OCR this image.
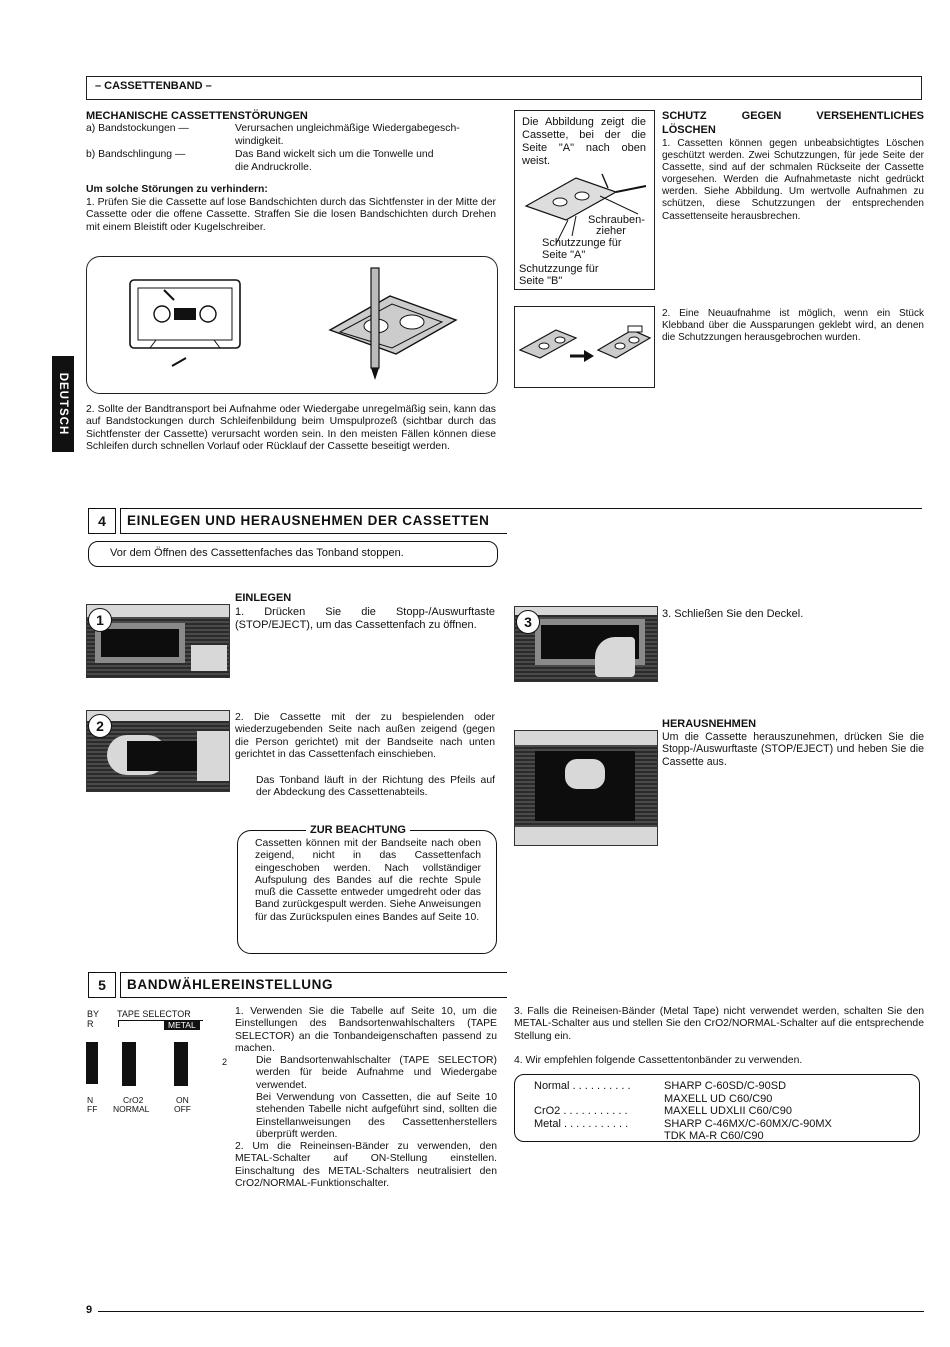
– CASSETTENBAND –
DEUTSCH
MECHANISCHE CASSETTENSTÖRUNGEN
a) Bandstockungen —	Verursachen ungleichmäßige Wiedergabegesch-
windigkeit.
b) Bandschlingung —	Das Band wickelt sich um die Tonwelle und
die Andruckrolle.
Um solche Störungen zu verhindern:
1. Prüfen Sie die Cassette auf lose Bandschichten durch das Sichtfenster in der Mitte der Cassette oder die offene Cassette. Straffen Sie die losen Bandschichten durch Drehen mit einem Bleistift oder Kugelschreiber.
2. Sollte der Bandtransport bei Aufnahme oder Wiedergabe unregelmäßig sein, kann das auf Bandstockungen durch Schleifenbildung beim Umspulprozeß (sichtbar durch das Sichtfenster der Cassette) verursacht worden sein. In den meisten Fällen können diese Schleifen durch schnellen Vorlauf oder Rücklauf der Cassette beseitigt werden.
Die Abbildung zeigt die Cassette, bei der die Seite "A" nach oben weist.
Schrauben-
zieher
Schutzzunge für
Seite "A"
Schutzzunge für
Seite "B"
SCHUTZ GEGEN VERSEHENTLICHES
LÖSCHEN
1. Cassetten können gegen unbeabsichtigtes Löschen geschützt werden. Zwei Schutzzungen, für jede Seite der Cassette, sind auf der schmalen Rückseite der Cassette vorgesehen. Werden die Aufnahmetaste nicht gedrückt werden. Siehe Abbildung. Um wertvolle Aufnahmen zu schützen, diese Schutzzungen der entsprechenden Cassettenseite herausbrechen.
2. Eine Neuaufnahme ist möglich, wenn ein Stück Klebband über die Aussparungen geklebt wird, an denen die Schutzzungen herausgebrochen wurden.
4	EINLEGEN UND HERAUSNEHMEN DER CASSETTEN
Vor dem Öffnen des Cassettenfaches das Tonband stoppen.
EINLEGEN
1	1. Drücken Sie die Stopp-/Auswurftaste (STOP/EJECT), um das Cassettenfach zu öffnen.	3	3. Schließen Sie den Deckel.
2
2. Die Cassette mit der zu bespielenden oder wiederzugebenden Seite nach außen zeigend (gegen die Person gerichtet) mit der Bandseite nach unten gerichtet in das Cassettenfach einschieben.
Das Tonband läuft in der Richtung des Pfeils auf der Abdeckung des Cassettenabteils.
HERAUSNEHMEN
Um die Cassette herauszunehmen, drücken Sie die Stopp-/Auswurftaste (STOP/EJECT) und heben Sie die Cassette aus.
ZUR BEACHTUNG
Cassetten können mit der Bandseite nach oben zeigend, nicht in das Cassettenfach eingeschoben werden. Nach vollständiger Aufspulung des Bandes auf die rechte Spule muß die Cassette entweder umgedreht oder das Band zurückgespult werden. Siehe Anweisungen für das Zurückspulen eines Bandes auf Seite 10.
5	BANDWÄHLEREINSTELLUNG
BY
R
TAPE SELECTOR
METAL
2
N
FF
CrO2
NORMAL
ON
OFF
1. Verwenden Sie die Tabelle auf Seite 10, um die Einstellungen des Bandsortenwahlschalters (TAPE SELECTOR) an die Tonbandeigenschaften passend zu machen.
Die Bandsortenwahlschalter (TAPE SELECTOR) werden für beide Aufnahme und Wiedergabe verwendet.
Bei Verwendung von Cassetten, die auf Seite 10 stehenden Tabelle nicht aufgeführt sind, sollten die Einstellanweisungen des Cassettenherstellers überprüft werden.
2. Um die Reineinsen-Bänder zu verwenden, den METAL-Schalter auf ON-Stellung einstellen. Einschaltung des METAL-Schalters neutralisiert den CrO2/NORMAL-Funktionschalter.
3. Falls die Reineisen-Bänder (Metal Tape) nicht verwendet werden, schalten Sie den METAL-Schalter aus und stellen Sie den CrO2/NORMAL-Schalter auf die entsprechende Stellung ein.
4. Wir empfehlen folgende Cassettentonbänder zu verwenden.
Normal . . . . . . . . . .	SHARP C-60SD/C-90SD
MAXELL UD C60/C90
CrO2 . . . . . . . . . . .	MAXELL UDXLII C60/C90
Metal . . . . . . . . . . .	SHARP C-46MX/C-60MX/C-90MX
TDK MA-R C60/C90
9
